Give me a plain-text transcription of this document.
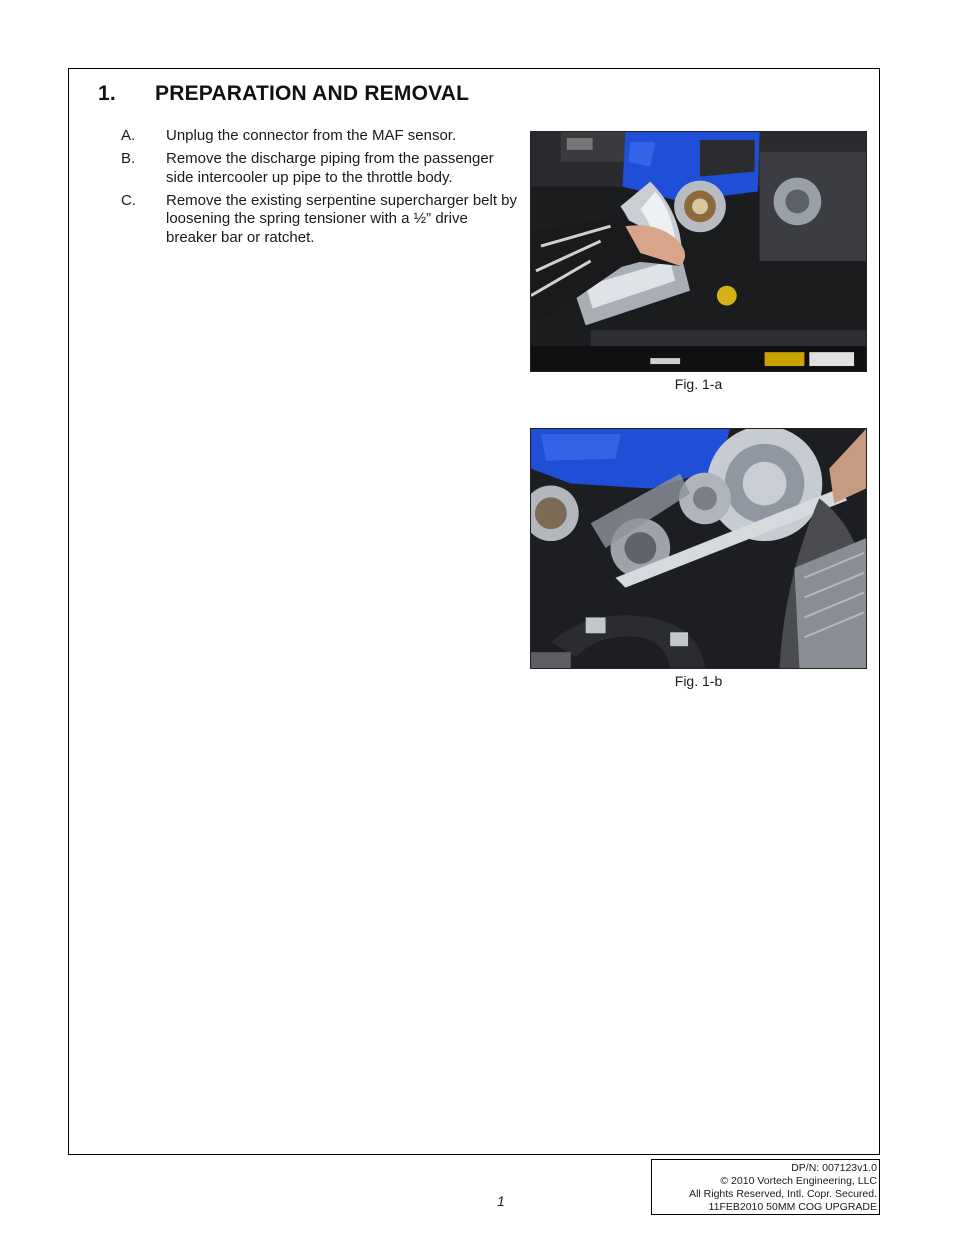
1.	PREPARATION AND REMOVAL
A.	Unplug the connector from the MAF sensor.
B.	Remove the discharge piping from the passenger side intercooler up pipe to the throttle body.
C.	Remove the existing serpentine supercharger belt by loosening the spring tensioner with a ½” drive breaker bar or ratchet.
Fig. 1-a
Fig. 1-b
1
DP/N: 007123v1.0
© 2010 Vortech Engineering, LLC
All Rights Reserved, Intl. Copr. Secured.
11FEB2010 50MM COG UPGRADE
